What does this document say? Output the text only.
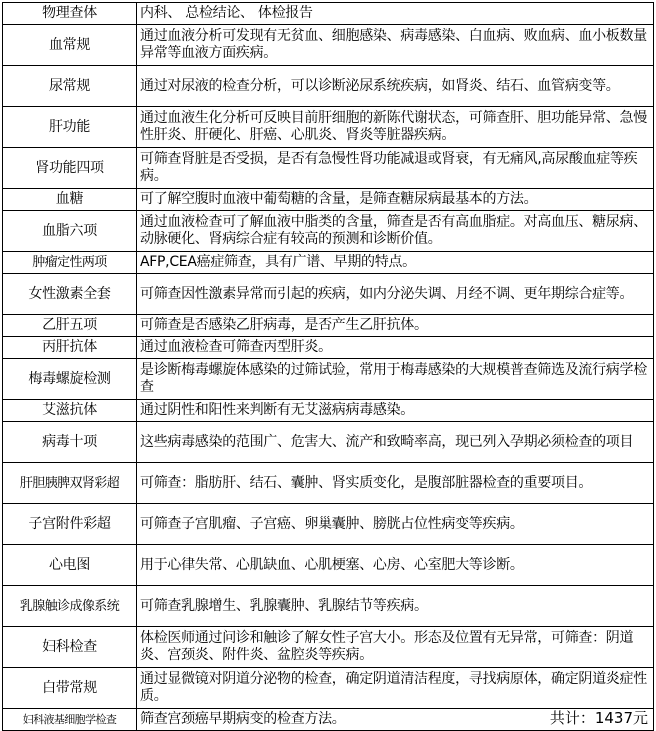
物理查体	内科、 总检结论、 体检报告
血常规	通过血液分析可发现有无贫血、细胞感染、病毒感染、白血病、败血病、血小板数量异常等血液方面疾病。
尿常规	通过对尿液的检查分析，可以诊断泌尿系统疾病，如肾炎、结石、血管病变等。
肝功能	通过血液生化分析可反映目前肝细胞的新陈代谢状态，可筛查肝、胆功能异常、急慢性肝炎、肝硬化、肝癌、心肌炎、肾炎等脏器疾病。
肾功能四项	可筛查肾脏是否受损，是否有急慢性肾功能减退或肾衰，有无痛风,高尿酸血症等疾病。
血糖	可了解空腹时血液中葡萄糖的含量，是筛查糖尿病最基本的方法。
血脂六项	通过血液检查可了解血液中脂类的含量，筛查是否有高血脂症。对高血压、糖尿病、 动脉硬化、肾病综合症有较高的预测和诊断价值。
肿瘤定性两项	AFP,CEA癌症筛查，具有广谱、早期的特点。
女性激素全套	可筛查因性激素异常而引起的疾病，如内分泌失调、月经不调、更年期综合症等。
乙肝五项	可筛查是否感染乙肝病毒，是否产生乙肝抗体。
丙肝抗体	通过血液检查可筛查丙型肝炎。
梅毒螺旋检测	是诊断梅毒螺旋体感染的过筛试验，常用于梅毒感染的大规模普查筛选及流行病学检查
艾滋抗体	通过阴性和阳性来判断有无艾滋病病毒感染。
病毒十项	这些病毒感染的范围广、危害大、流产和致畸率高，现已列入孕期必须检查的项目
肝胆胰脾双肾彩超	可筛查：脂肪肝、结石、囊肿、肾实质变化，是腹部脏器检查的重要项目。
子宫附件彩超	可筛查子宫肌瘤、子宫癌、卵巢囊肿、膀胱占位性病变等疾病。
心电图	用于心律失常、心肌缺血、心肌梗塞、心房、心室肥大等诊断。
乳腺触诊成像系统	可筛查乳腺增生、乳腺囊肿、乳腺结节等疾病。
妇科检查	体检医师通过问诊和触诊了解女性子宫大小。形态及位置有无异常，可筛查：阴道炎、宫颈炎、附件炎、盆腔炎等疾病。
白带常规	通过显微镜对阴道分泌物的检查，确定阴道清洁程度，寻找病原体，确定阴道炎症性质。
妇科液基细胞学检查	筛查宫颈癌早期病变的检查方法。	共计：1437元
